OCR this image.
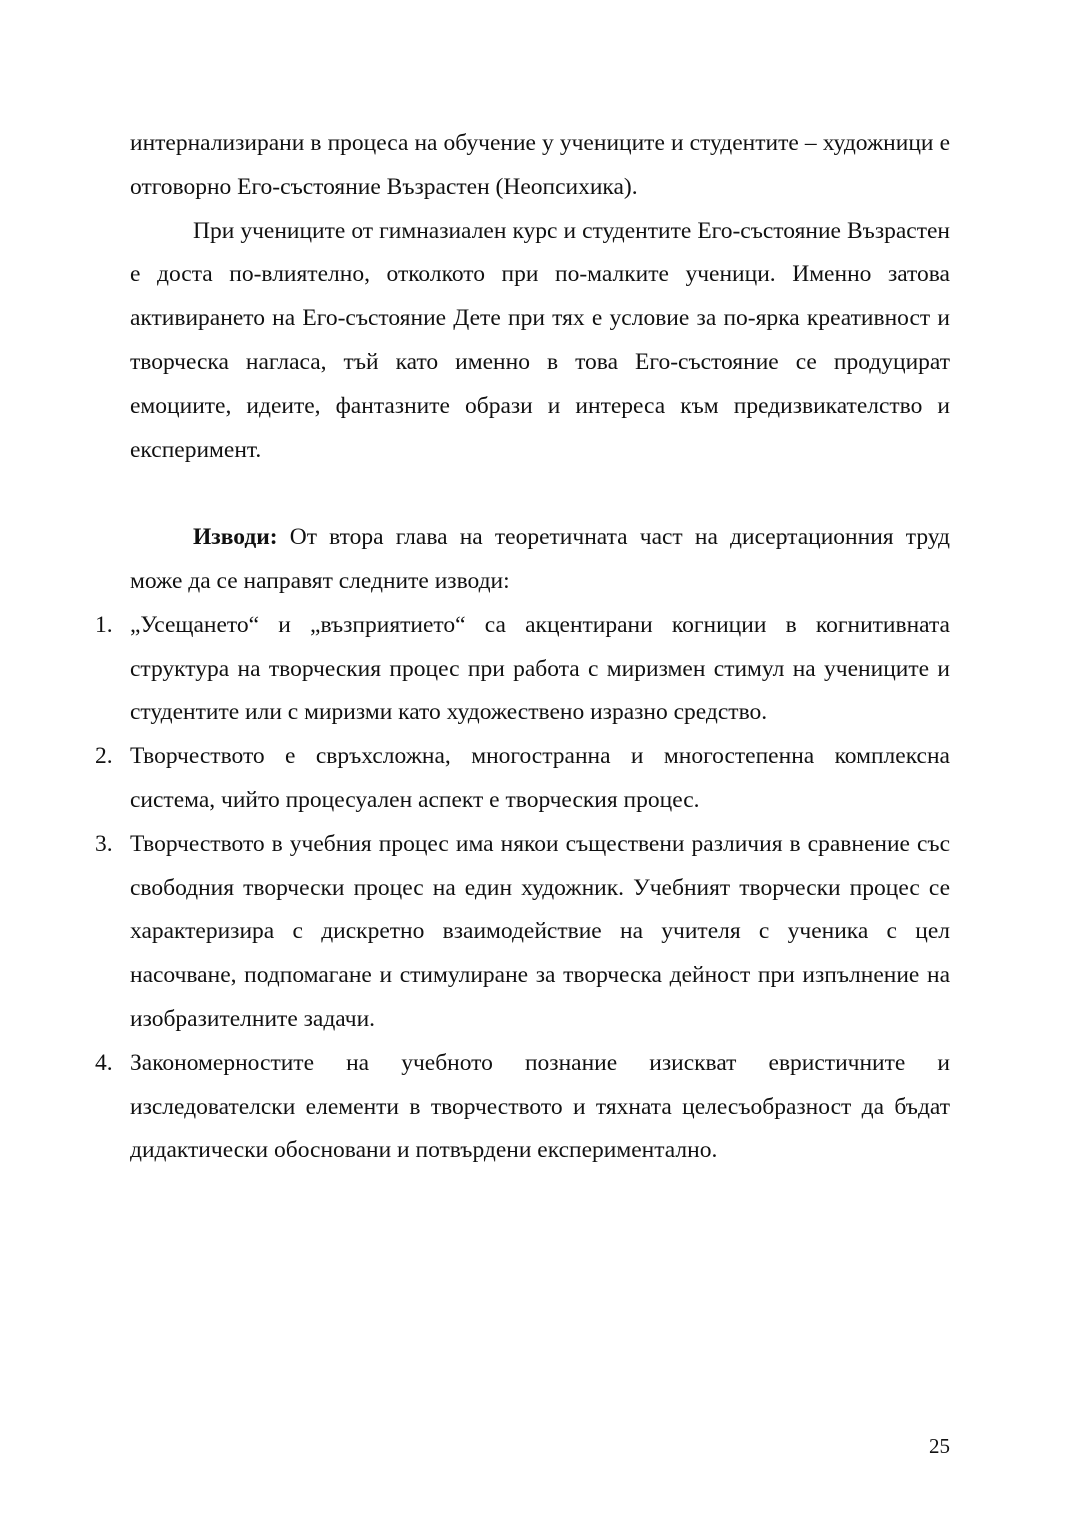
интернализирани в процеса на обучение у учениците и студентите – художници е отговорно Его-състояние Възрастен (Неопсихика).

При учениците от гимназиален курс и студентите Его-състояние Възрастен е доста по-влиятелно, отколкото при по-малките ученици. Именно затова активирането на Его-състояние Дете при тях е условие за по-ярка креативност и творческа нагласа, тъй като именно в това Его-състояние се продуцират емоциите, идеите, фантазните образи и интереса към предизвикателство и експеримент.

Изводи: От втора глава на теоретичната част на дисертационния труд може да се направят следните изводи:

1. „Усещането“ и „възприятието“ са акцентирани когниции в когнитивната структура на творческия процес при работа с миризмен стимул на учениците и студентите или с миризми като художествено изразно средство.
2. Творчеството е свръхсложна, многостранна и многостепенна комплексна система, чийто процесуален аспект е творческия процес.
3. Творчеството в учебния процес има някои съществени различия в сравнение със свободния творчески процес на един художник. Учебният творчески процес се характеризира с дискретно взаимодействие на учителя с ученика с цел насочване, подпомагане и стимулиране за творческа дейност при изпълнение на изобразителните задачи.
4. Закономерностите на учебното познание изискват евристичните и изследователски елементи в творчеството и тяхната целесъобразност да бъдат дидактически обосновани и потвърдени експериментално.
25
